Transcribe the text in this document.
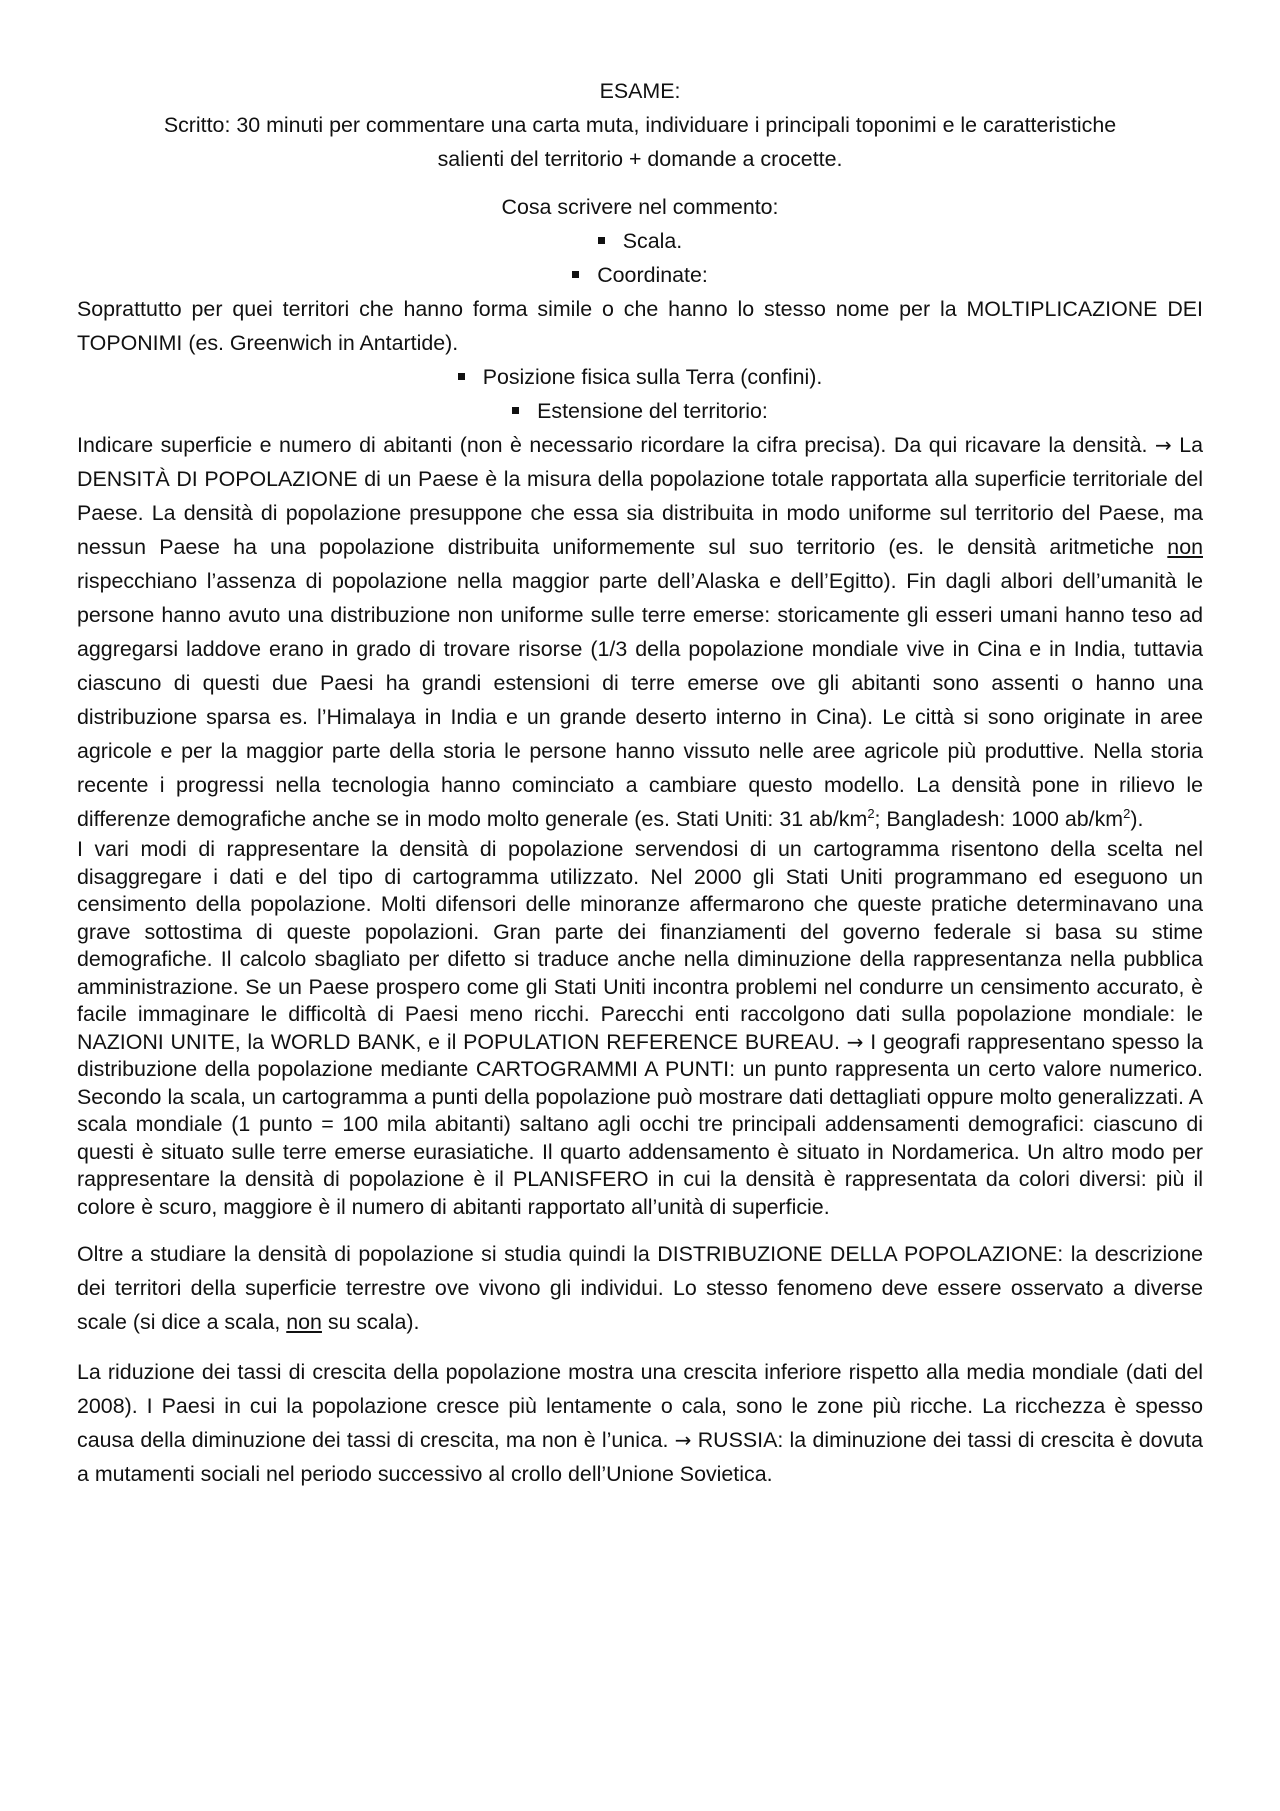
ESAME:

Scritto: 30 minuti per commentare una carta muta, individuare i principali toponimi e le caratteristiche

salienti del territorio + domande a crocette.

Cosa scrivere nel commento:

Scala.

Coordinate:

Soprattutto per quei territori che hanno forma simile o che hanno lo stesso nome per la MOLTIPLICAZIONE DEI TOPONIMI (es. Greenwich in Antartide).

Posizione fisica sulla Terra (confini).

Estensione del territorio:

Indicare superficie e numero di abitanti (non è necessario ricordare la cifra precisa). Da qui ricavare la densità. → La DENSITÀ DI POPOLAZIONE di un Paese è la misura della popolazione totale rapportata alla superficie territoriale del Paese. La densità di popolazione presuppone che essa sia distribuita in modo uniforme sul territorio del Paese, ma nessun Paese ha una popolazione distribuita uniformemente sul suo territorio (es. le densità aritmetiche non rispecchiano l’assenza di popolazione nella maggior parte dell’Alaska e dell’Egitto). Fin dagli albori dell’umanità le persone hanno avuto una distribuzione non uniforme sulle terre emerse: storicamente gli esseri umani hanno teso ad aggregarsi laddove erano in grado di trovare risorse (1/3 della popolazione mondiale vive in Cina e in India, tuttavia ciascuno di questi due Paesi ha grandi estensioni di terre emerse ove gli abitanti sono assenti o hanno una distribuzione sparsa es. l’Himalaya in India e un grande deserto interno in Cina). Le città si sono originate in aree agricole e per la maggior parte della storia le persone hanno vissuto nelle aree agricole più produttive. Nella storia recente i progressi nella tecnologia hanno cominciato a cambiare questo modello. La densità pone in rilievo le differenze demografiche anche se in modo molto generale (es. Stati Uniti: 31 $ab/km^2$; Bangladesh: 1000 $ab/km^2$).

I vari modi di rappresentare la densità di popolazione servendosi di un cartogramma risentono della scelta nel disaggregare i dati e del tipo di cartogramma utilizzato. Nel 2000 gli Stati Uniti programmano ed eseguono un censimento della popolazione. Molti difensori delle minoranze affermarono che queste pratiche determinavano una grave sottostima di queste popolazioni. Gran parte dei finanziamenti del governo federale si basa su stime demografiche. Il calcolo sbagliato per difetto si traduce anche nella diminuzione della rappresentanza nella pubblica amministrazione. Se un Paese prospero come gli Stati Uniti incontra problemi nel condurre un censimento accurato, è facile immaginare le difficoltà di Paesi meno ricchi. Parecchi enti raccolgono dati sulla popolazione mondiale: le NAZIONI UNITE, la WORLD BANK, e il POPULATION REFERENCE BUREAU. → I geografi rappresentano spesso la distribuzione della popolazione mediante CARTOGRAMMI A PUNTI: un punto rappresenta un certo valore numerico. Secondo la scala, un cartogramma a punti della popolazione può mostrare dati dettagliati oppure molto generalizzati. A scala mondiale (1 punto = 100 mila abitanti) saltano agli occhi tre principali addensamenti demografici: ciascuno di questi è situato sulle terre emerse eurasiatiche. Il quarto addensamento è situato in Nordamerica. Un altro modo per rappresentare la densità di popolazione è il PLANISFERO in cui la densità è rappresentata da colori diversi: più il colore è scuro, maggiore è il numero di abitanti rapportato all’unità di superficie.

Oltre a studiare la densità di popolazione si studia quindi la DISTRIBUZIONE DELLA POPOLAZIONE: la descrizione dei territori della superficie terrestre ove vivono gli individui. Lo stesso fenomeno deve essere osservato a diverse scale (si dice a scala, non su scala).

La riduzione dei tassi di crescita della popolazione mostra una crescita inferiore rispetto alla media mondiale (dati del 2008). I Paesi in cui la popolazione cresce più lentamente o cala, sono le zone più ricche. La ricchezza è spesso causa della diminuzione dei tassi di crescita, ma non è l’unica. → RUSSIA: la diminuzione dei tassi di crescita è dovuta a mutamenti sociali nel periodo successivo al crollo dell’Unione Sovietica.
